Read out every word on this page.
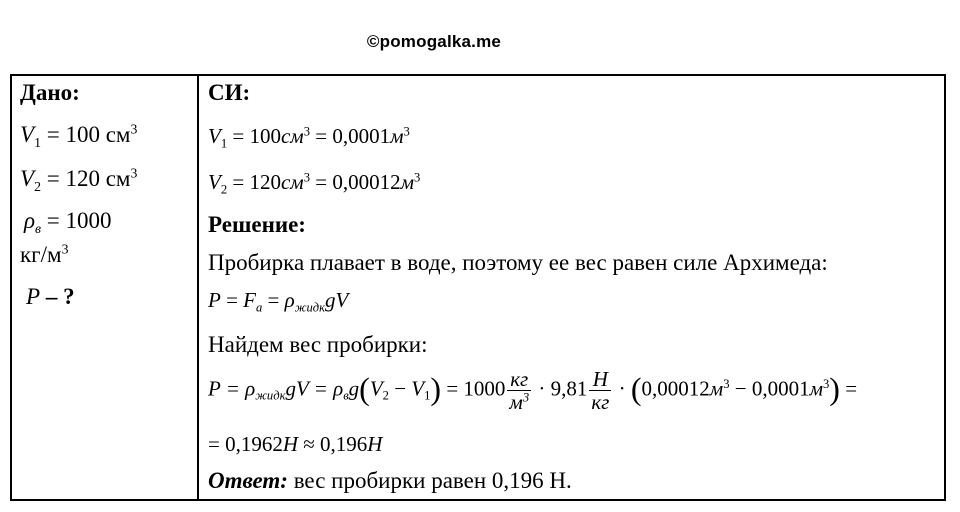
©pomogalka.me
Дано:
$V_1 = 100$ $см^3$
$V_2 = 120$ $см^3$
$\rho_в = 1000$
$кг/м^3$
P – ?
СИ:
$V_1 = 100см^3 = 0,0001м^3$
$V_2 = 120см^3 = 0,00012м^3$
Решение:
Пробирка плавает в воде, поэтому ее вес равен силе Архимеда:
$P = F_а = \rho_{жидк}gV$
Найдем вес пробирки:
$P = \rho_{жидк}gV = \rho_вg(V_2 - V_1) = 1000 \frac{кг}{м^3} \cdot 9,81 \frac{Н}{кг} \cdot (0,00012м^3 - 0,0001м^3)$ =
= 0,1962Н ≈ 0,196Н
Ответ: вес пробирки равен 0,196 Н.
